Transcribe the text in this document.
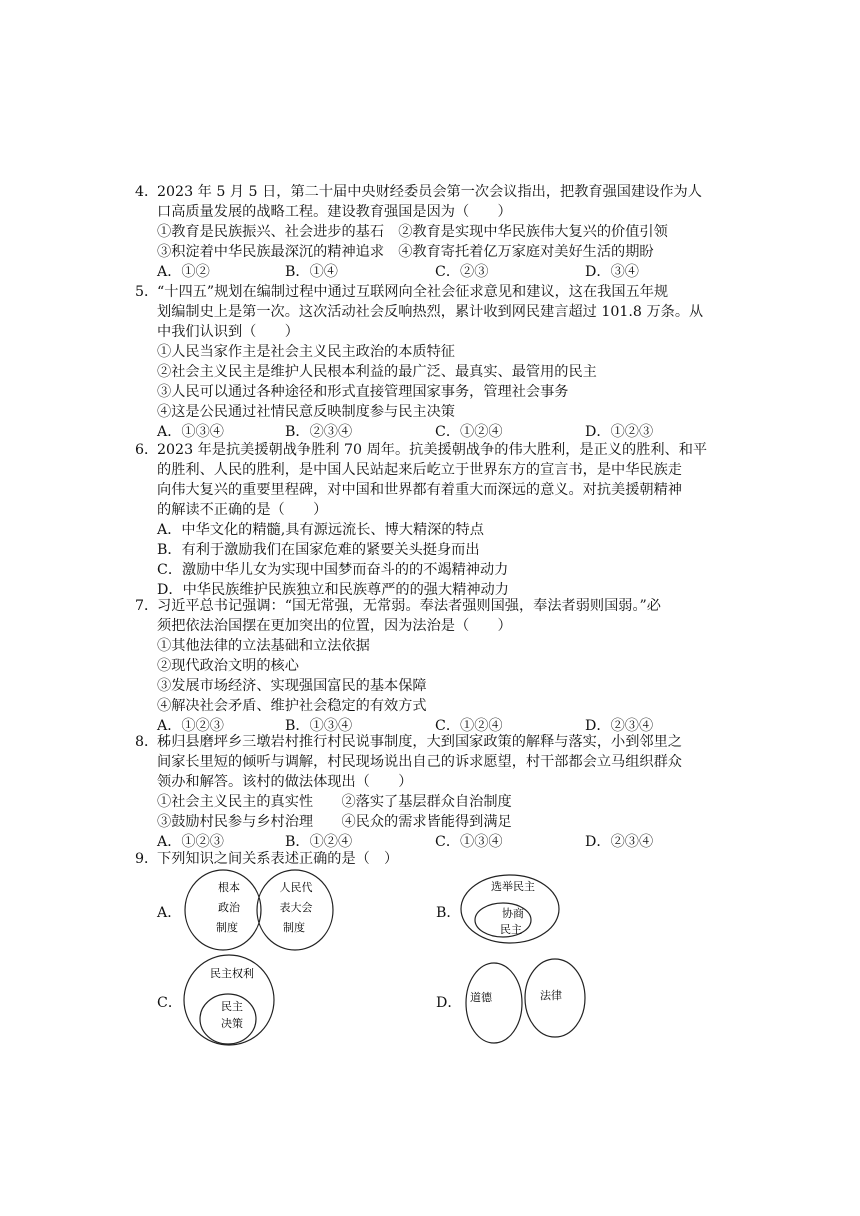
4．2023 年 5 月 5 日，第二十届中央财经委员会第一次会议指出，把教育强国建设作为人
口高质量发展的战略工程。建设教育强国是因为（　　）
①教育是民族振兴、社会进步的基石　②教育是实现中华民族伟大复兴的价值引领
③积淀着中华民族最深沉的精神追求　④教育寄托着亿万家庭对美好生活的期盼
A．①②	B．①④	C．②③	D．③④
5．“十四五”规划在编制过程中通过互联网向全社会征求意见和建议，这在我国五年规
划编制史上是第一次。这次活动社会反响热烈，累计收到网民建言超过 101.8 万条。从
中我们认识到（　　）
①人民当家作主是社会主义民主政治的本质特征
②社会主义民主是维护人民根本利益的最广泛、最真实、最管用的民主
③人民可以通过各种途径和形式直接管理国家事务，管理社会事务
④这是公民通过社情民意反映制度参与民主决策
A．①③④	B．②③④	C．①②④	D．①②③
6．2023 年是抗美援朝战争胜利 70 周年。抗美援朝战争的伟大胜利，是正义的胜利、和平
的胜利、人民的胜利，是中国人民站起来后屹立于世界东方的宣言书，是中华民族走
向伟大复兴的重要里程碑，对中国和世界都有着重大而深远的意义。对抗美援朝精神
的解读不正确的是（　　）
A．中华文化的精髓,具有源远流长、博大精深的特点
B．有利于激励我们在国家危难的紧要关头挺身而出
C．激励中华儿女为实现中国梦而奋斗的的不竭精神动力
D．中华民族维护民族独立和民族尊严的的强大精神动力
7．习近平总书记强调：“国无常强，无常弱。奉法者强则国强，奉法者弱则国弱。”必
须把依法治国摆在更加突出的位置，因为法治是（　　）
①其他法律的立法基础和立法依据
②现代政治文明的核心
③发展市场经济、实现强国富民的基本保障
④解决社会矛盾、维护社会稳定的有效方式
A．①②③	B．①③④	C．①②④	D．②③④
8．秭归县磨坪乡三墩岩村推行村民说事制度，大到国家政策的解释与落实，小到邻里之
间家长里短的倾听与调解，村民现场说出自己的诉求愿望，村干部都会立马组织群众
领办和解答。该村的做法体现出（　　）
①社会主义民主的真实性　　②落实了基层群众自治制度
③鼓励村民参与乡村治理　　④民众的需求皆能得到满足
A．①②③	B．①②④	C．①③④	D．②③④
9．下列知识之间关系表述正确的是（　）
A．
根本
政治
制度
人民代
表大会
制度
B．
选举民主
协商
民主
C．
民主权利
民主
决策
D． 道德	法律
